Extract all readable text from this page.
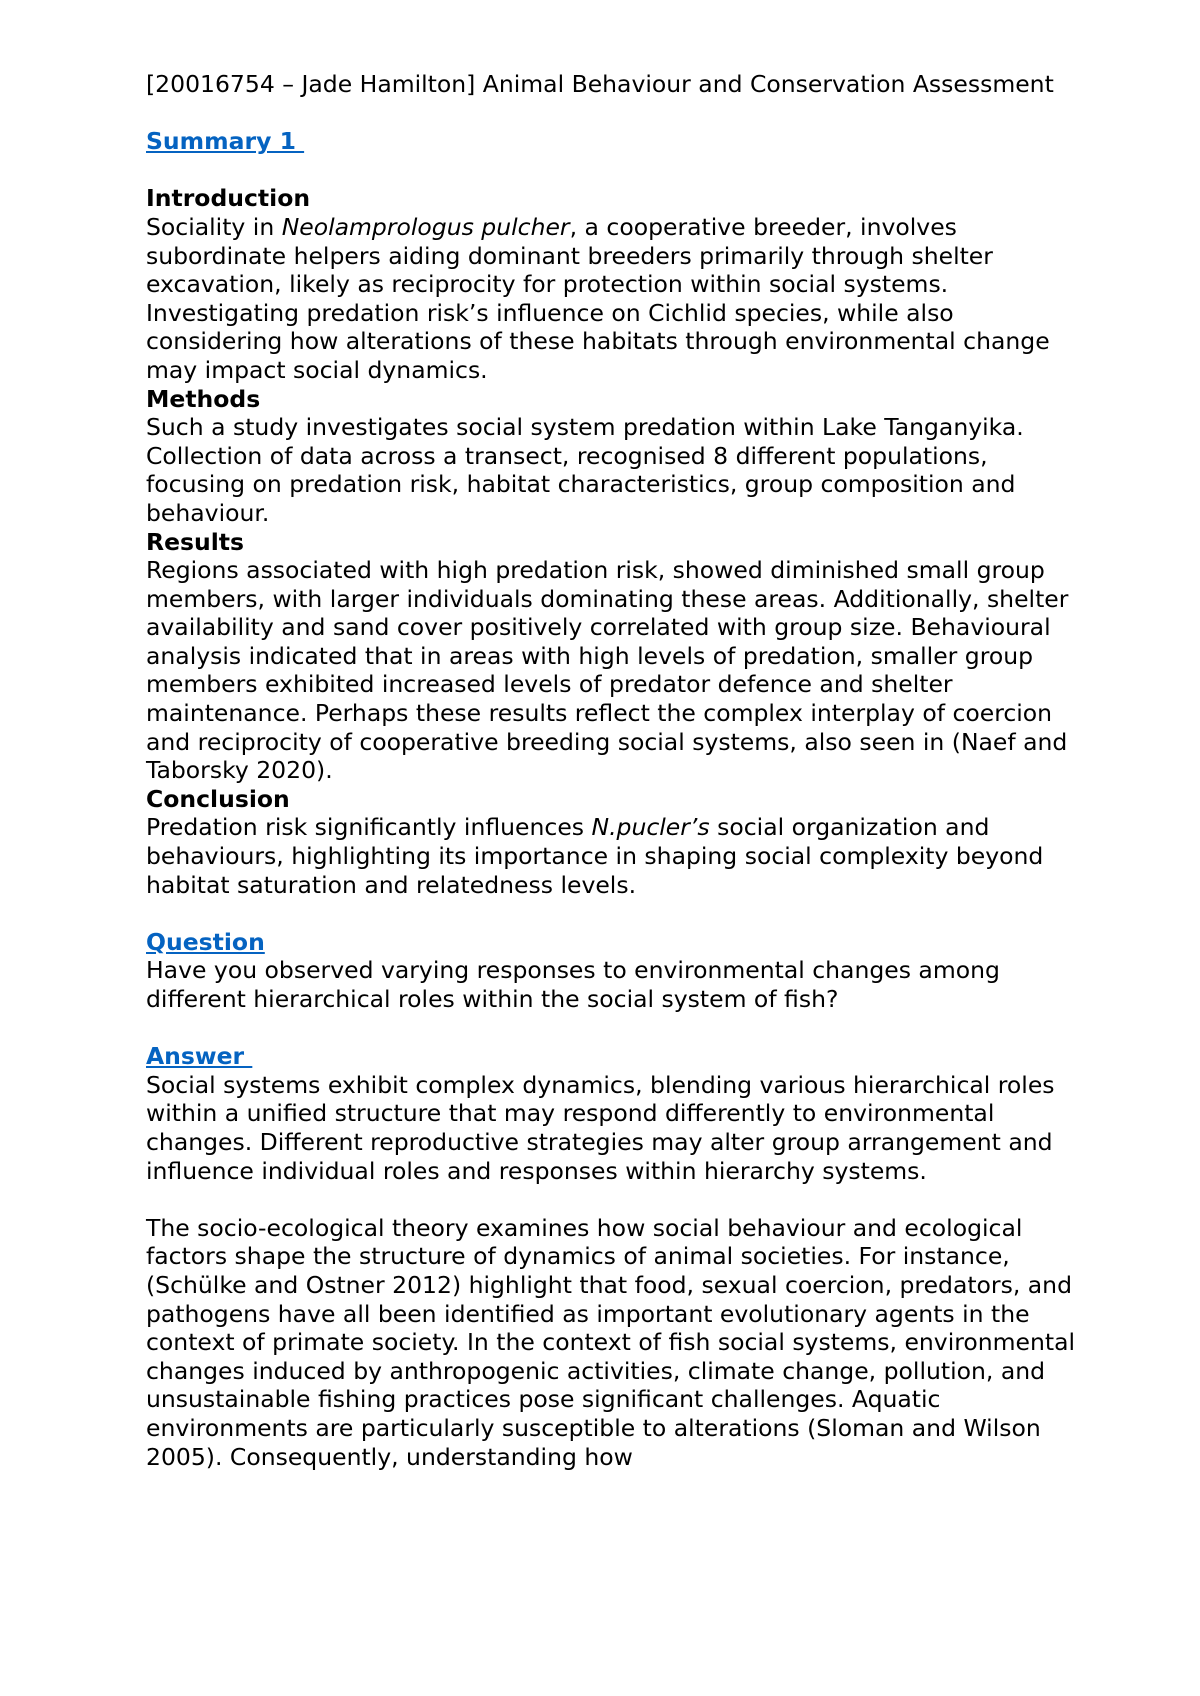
[20016754 – Jade Hamilton] Animal Behaviour and Conservation Assessment

Summary 1

Introduction

Sociality in Neolamprologus pulcher, a cooperative breeder, involves subordinate helpers aiding dominant breeders primarily through shelter excavation, likely as reciprocity for protection within social systems. Investigating predation risk’s influence on Cichlid species, while also considering how alterations of these habitats through environmental change may impact social dynamics.

Methods

Such a study investigates social system predation within Lake Tanganyika. Collection of data across a transect, recognised 8 different populations, focusing on predation risk, habitat characteristics, group composition and behaviour.

Results

Regions associated with high predation risk, showed diminished small group members, with larger individuals dominating these areas. Additionally, shelter availability and sand cover positively correlated with group size. Behavioural analysis indicated that in areas with high levels of predation, smaller group members exhibited increased levels of predator defence and shelter maintenance. Perhaps these results reflect the complex interplay of coercion and reciprocity of cooperative breeding social systems, also seen in (Naef and Taborsky 2020).

Conclusion

Predation risk significantly influences N.pucler’s social organization and behaviours, highlighting its importance in shaping social complexity beyond habitat saturation and relatedness levels.

Question

Have you observed varying responses to environmental changes among different hierarchical roles within the social system of fish?

Answer

Social systems exhibit complex dynamics, blending various hierarchical roles within a unified structure that may respond differently to environmental changes. Different reproductive strategies may alter group arrangement and influence individual roles and responses within hierarchy systems.

The socio-ecological theory examines how social behaviour and ecological factors shape the structure of dynamics of animal societies. For instance, (Schülke and Ostner 2012) highlight that food, sexual coercion, predators, and pathogens have all been identified as important evolutionary agents in the context of primate society. In the context of fish social systems, environmental changes induced by anthropogenic activities, climate change, pollution, and unsustainable fishing practices pose significant challenges. Aquatic environments are particularly susceptible to alterations (Sloman and Wilson 2005). Consequently, understanding how
